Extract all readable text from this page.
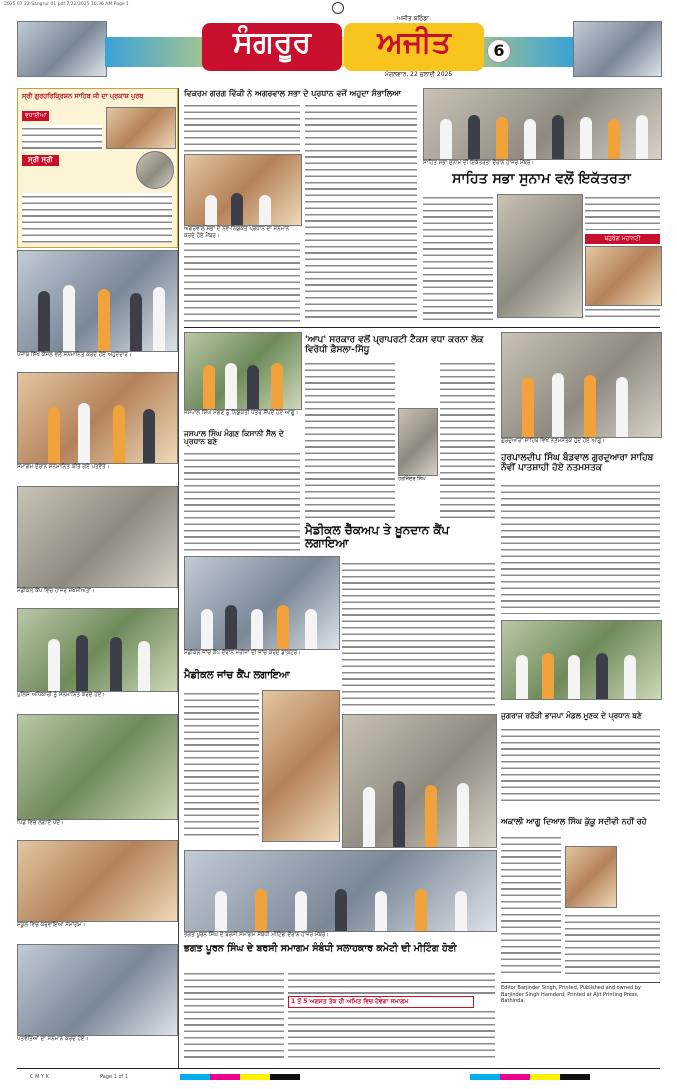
2025 07 22 Sangrur 01 pdf 7/22/2025 10:36 AM Page 1
ਸੰਗਰੂਰ	ਅਜੀਤ
ਅਜੀਤ ਬਠਿੰਡਾ
ਮੰਗਲਵਾਰ, 22 ਜੁਲਾਈ 2025
6
ਸ੍ਰੀ ਗੁਰਹਰਿਕ੍ਰਿਸ਼ਨ ਸਾਹਿਬ ਜੀ ਦਾ ਪ੍ਰਕਾਸ਼ ਪੁਰਬ
ਵਧਾਈਆਂ
ਸ੍ਰੀ ਸ੍ਰੀ
ਪੰਜਾਬ ਸਿੱਖ ਕੌਂਸਲ ਵਲੋਂ ਸਨਮਾਨਿਤ ਕਰਦੇ ਹੋਏ ਅਹੁਦੇਦਾਰ।
ਸਮਾਗਮ ਦੌਰਾਨ ਸਨਮਾਨਿਤ ਕੀਤੇ ਗਏ ਪਤਵੰਤੇ।
ਮੈਡੀਕਲ ਕੈਂਪ ਵਿਚ ਹਾਜ਼ਰ ਸ਼ਖ਼ਸੀਅਤਾਂ।
ਪੁਲਿਸ ਅਧਿਕਾਰੀ ਨੂੰ ਸਨਮਾਨਿਤ ਕਰਦੇ ਹੋਏ।
ਪਿੰਡ ਵਿਚ ਲਗਾਏ ਪੌਦੇ।
ਸਕੂਲ ਵਿਚ ਕਰਵਾਇਆ ਸਮਾਗਮ।
ਪਤਵੰਤਿਆਂ ਦਾ ਸਨਮਾਨ ਕਰਦੇ ਹੋਏ।
ਵਿਕਰਮ ਗਰਗ ਵਿੱਕੀ ਨੇ ਅਗਰਵਾਲ ਸਭਾ ਦੇ ਪ੍ਰਧਾਨ ਵਜੋਂ ਅਹੁਦਾ ਸੰਭਾਲਿਆ
ਅਗਰਵਾਲ ਸਭਾ ਦੇ ਨਵ-ਨਿਯੁਕਤ ਪ੍ਰਧਾਨ ਦਾ ਸਨਮਾਨ ਕਰਦੇ ਹੋਏ ਮੈਂਬਰ।
ਸਾਹਿਤ ਸਭਾ ਸੁਨਾਮ ਦੀ ਇਕੱਤਰਤਾ ਦੌਰਾਨ ਹਾਜ਼ਰ ਮੈਂਬਰ।
ਸਾਹਿਤ ਸਭਾ ਸੁਨਾਮ ਵਲੋਂ ਇਕੱਤਰਤਾ
ਬਹੁਰੰਗ ਮਹਾਨਟੀ
ਜਸਪਾਲ ਸਿੰਘ ਮੰਗਣ ਨੂੰ ਨਿਯੁਕਤੀ ਪੱਤਰ ਸੌਂਪਦੇ ਹੋਏ ਆਗੂ।
'ਆਪ' ਸਰਕਾਰ ਵਲੋਂ ਪ੍ਰਾਪਰਟੀ ਟੈਕਸ ਵਧਾ ਕਰਨਾ ਲੋਕ ਵਿਰੋਧੀ ਫ਼ੈਸਲਾ-ਸਿੱਧੂ
ਜਸਪਾਲ ਸਿੰਘ ਮੰਗਣ ਕਿਸਾਨੀ ਸੈੱਲ ਦੇ ਪ੍ਰਧਾਨ ਬਣੇ
ਹਰਜਿੰਦਰ ਸਿੰਘ
ਮੈਡੀਕਲ ਚੈੱਕਅਪ ਤੇ ਖ਼ੂਨਦਾਨ ਕੈਂਪ ਲਗਾਇਆ
ਗੁਰਦੁਆਰਾ ਸਾਹਿਬ ਵਿਖੇ ਨਤਮਸਤਕ ਹੁੰਦੇ ਹੋਏ ਆਗੂ।
ਹਰਪਾਲਦੀਪ ਸਿੰਘ ਬੰਡਵਾਲ ਗੁਰਦੁਆਰਾ ਸਾਹਿਬ ਨੌਵੀਂ ਪਾਤਸ਼ਾਹੀ ਹੋਏ ਨਤਮਸਤਕ
ਮੈਡੀਕਲ ਜਾਂਚ ਕੈਂਪ ਦੌਰਾਨ ਮਰੀਜ਼ਾਂ ਦੀ ਜਾਂਚ ਕਰਦੇ ਡਾਕਟਰ।
ਮੈਡੀਕਲ ਜਾਂਚ ਕੈਂਪ ਲਗਾਇਆ
ਜੁਗਰਾਜ ਰਠੋੜੀ ਭਾਜਪਾ ਮੰਡਲ ਮੂਣਕ ਦੇ ਪ੍ਰਧਾਨ ਬਣੇ
ਅਕਾਲੀ ਆਗੂ ਦਿਆਲ ਸਿੰਘ ਕੁੱਕੂ ਸਦੀਵੀ ਨਹੀਂ ਰਹੇ
ਭਗਤ ਪੂਰਨ ਸਿੰਘ ਦੇ ਬਰਸੀ ਸਮਾਗਮ ਸੰਬੰਧੀ ਮੀਟਿੰਗ ਦੌਰਾਨ ਹਾਜ਼ਰ ਮੈਂਬਰ।
ਭਗਤ ਪੂਰਨ ਸਿੰਘ ਦੇ ਬਰਸੀ ਸਮਾਗਮ ਸੰਬੰਧੀ ਸਲਾਹਕਾਰ ਕਮੇਟੀ ਦੀ ਮੀਟਿੰਗ ਹੋਈ
1 ਤੋਂ 5 ਅਗਸਤ ਤੱਕ ਹੀ ਅਮਿਤ ਵਿਚ ਹੋਵੇਗਾ ਸਮਾਗਮ
Editor Barjinder Singh, Printed, Published and owned by Barjinder Singh Hamdard, Printed at Ajit Printing Press, Bathinda.
C M Y K	Page 1 of 1
